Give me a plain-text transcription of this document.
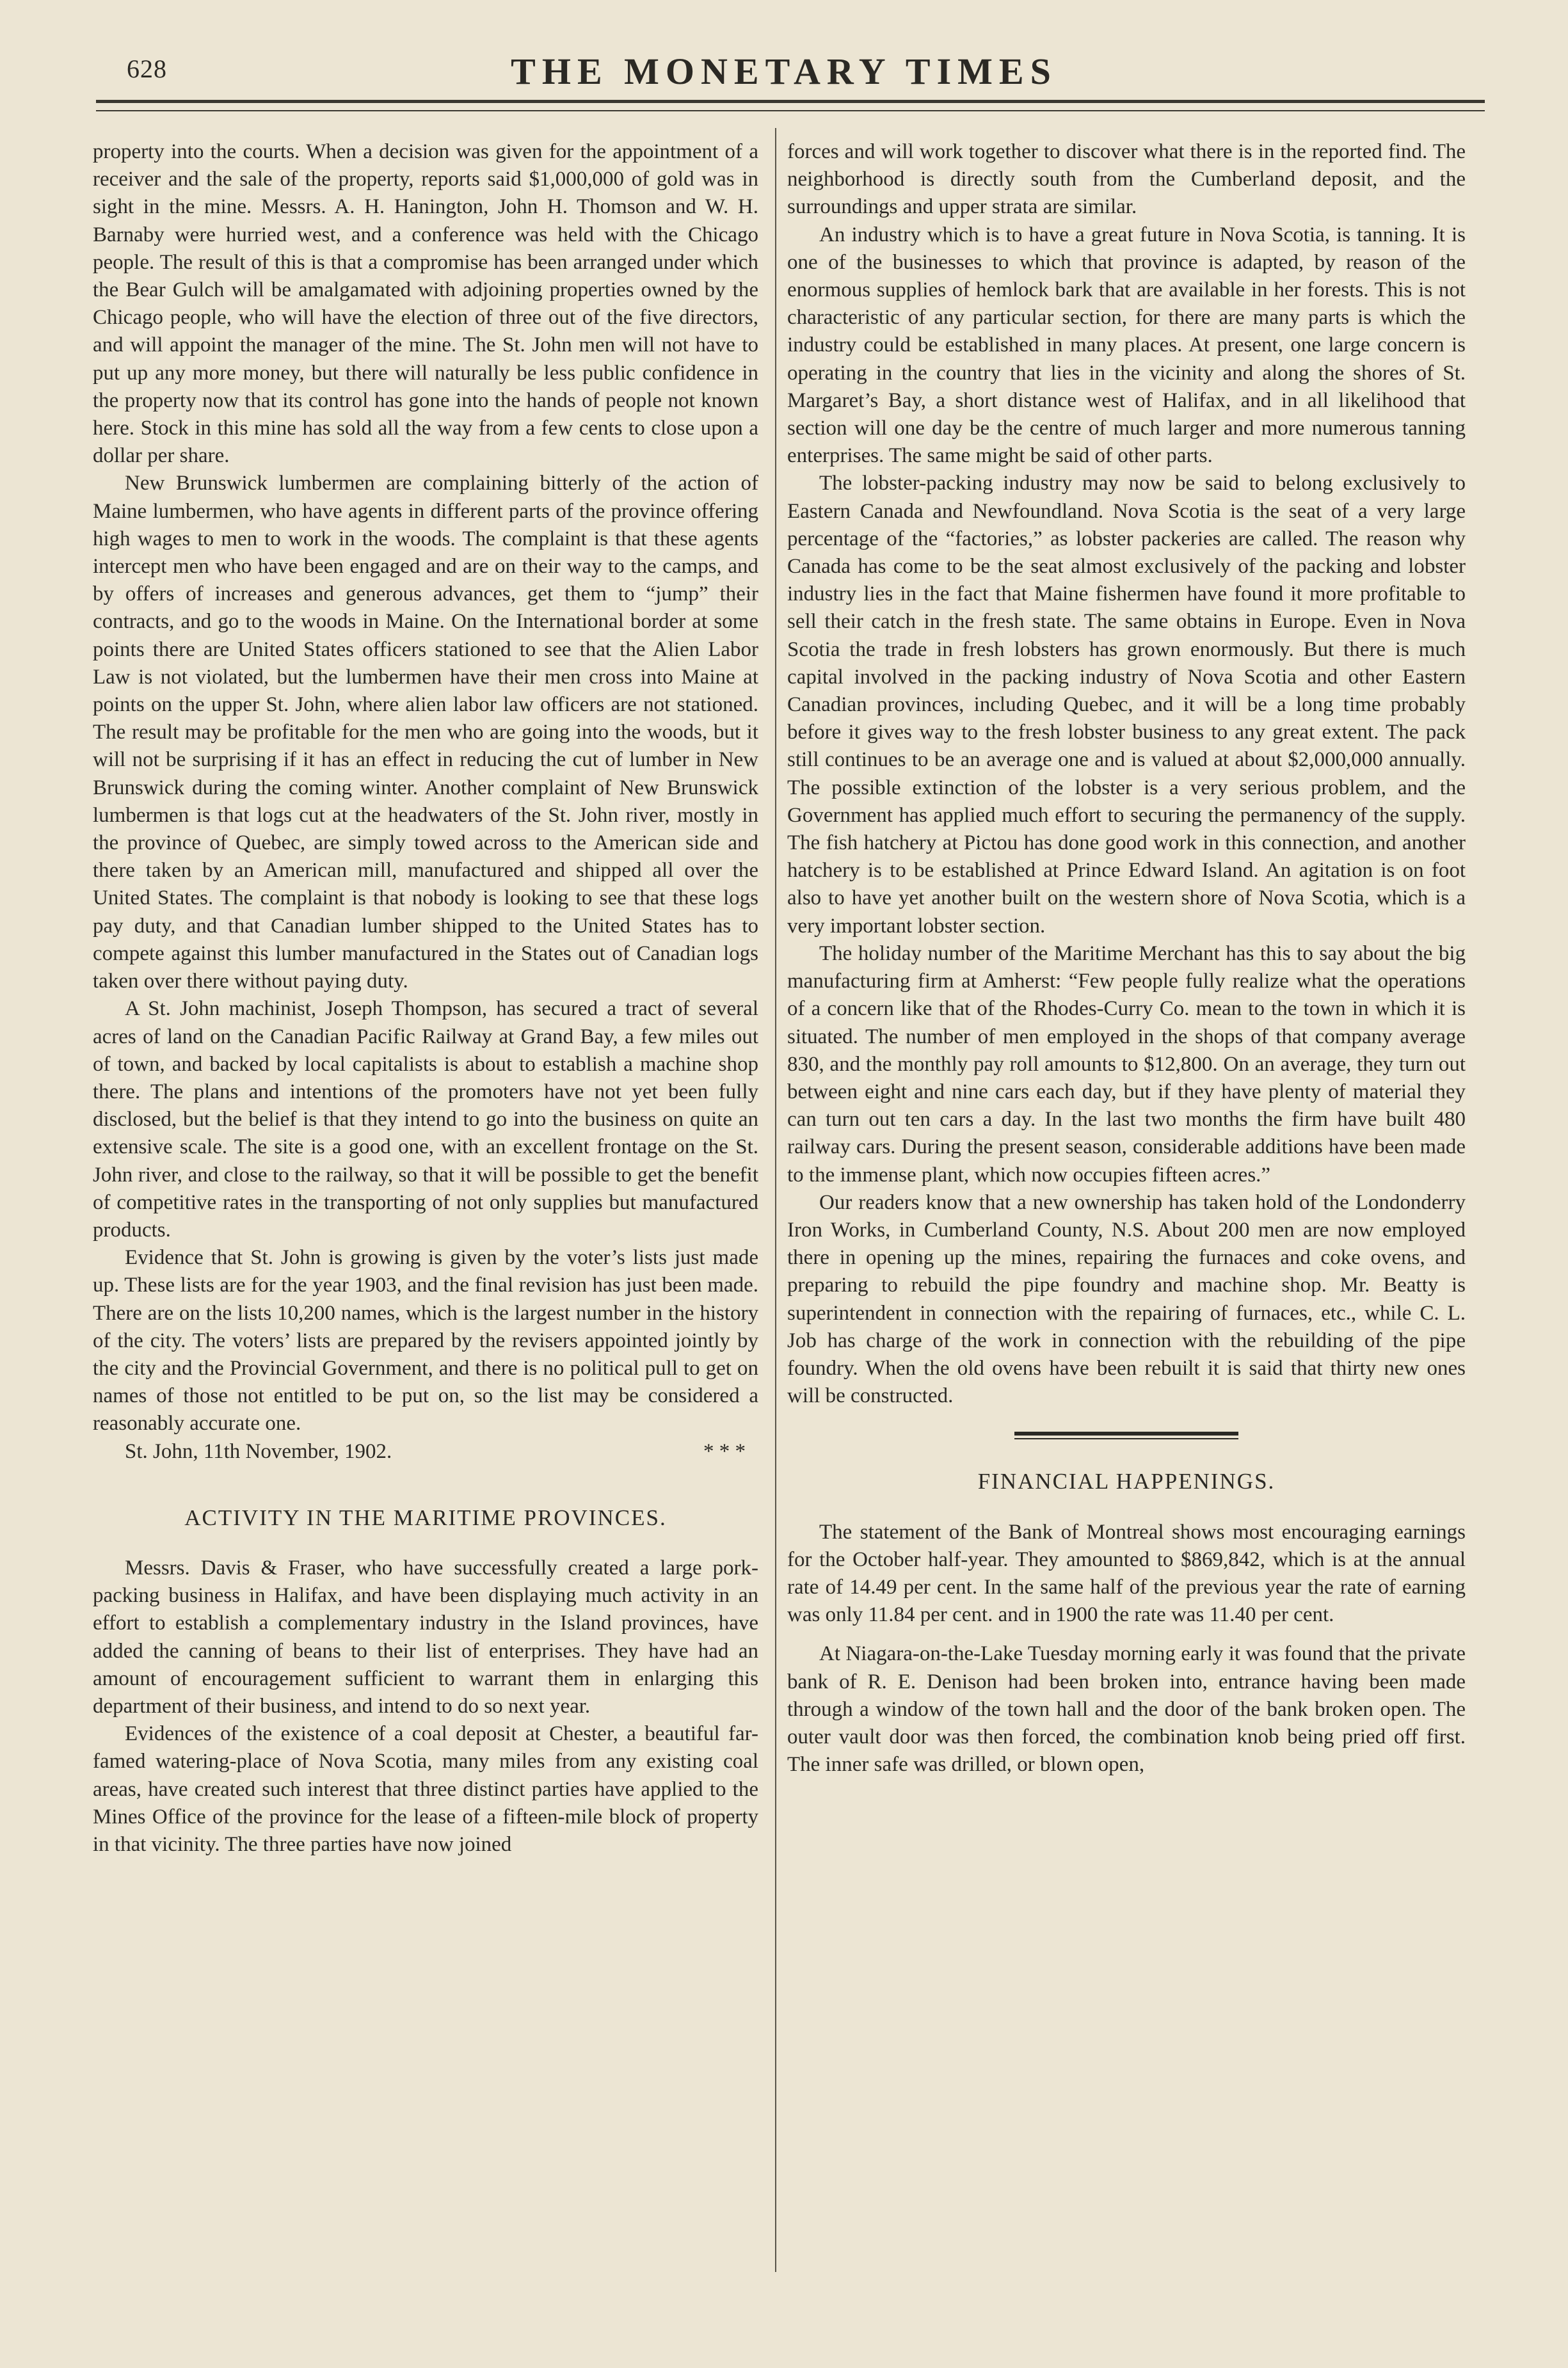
628	THE MONETARY TIMES

property into the courts. When a decision was given for the appointment of a receiver and the sale of the property, reports said $1,000,000 of gold was in sight in the mine. Messrs. A. H. Hanington, John H. Thomson and W. H. Barnaby were hurried west, and a conference was held with the Chicago people. The result of this is that a compromise has been arranged under which the Bear Gulch will be amalgamated with adjoining properties owned by the Chicago people, who will have the election of three out of the five directors, and will appoint the manager of the mine. The St. John men will not have to put up any more money, but there will naturally be less public confidence in the property now that its control has gone into the hands of people not known here. Stock in this mine has sold all the way from a few cents to close upon a dollar per share.

New Brunswick lumbermen are complaining bitterly of the action of Maine lumbermen, who have agents in different parts of the province offering high wages to men to work in the woods. The complaint is that these agents intercept men who have been engaged and are on their way to the camps, and by offers of increases and generous advances, get them to “jump” their contracts, and go to the woods in Maine. On the International border at some points there are United States officers stationed to see that the Alien Labor Law is not violated, but the lumbermen have their men cross into Maine at points on the upper St. John, where alien labor law officers are not stationed. The result may be profitable for the men who are going into the woods, but it will not be surprising if it has an effect in reducing the cut of lumber in New Brunswick during the coming winter. Another complaint of New Brunswick lumbermen is that logs cut at the headwaters of the St. John river, mostly in the province of Quebec, are simply towed across to the American side and there taken by an American mill, manufactured and shipped all over the United States. The complaint is that nobody is looking to see that these logs pay duty, and that Canadian lumber shipped to the United States has to compete against this lumber manufactured in the States out of Canadian logs taken over there without paying duty.

A St. John machinist, Joseph Thompson, has secured a tract of several acres of land on the Canadian Pacific Railway at Grand Bay, a few miles out of town, and backed by local capitalists is about to establish a machine shop there. The plans and intentions of the promoters have not yet been fully disclosed, but the belief is that they intend to go into the business on quite an extensive scale. The site is a good one, with an excellent frontage on the St. John river, and close to the railway, so that it will be possible to get the benefit of competitive rates in the transporting of not only supplies but manufactured products.

Evidence that St. John is growing is given by the voter’s lists just made up. These lists are for the year 1903, and the final revision has just been made. There are on the lists 10,200 names, which is the largest number in the history of the city. The voters’ lists are prepared by the revisers appointed jointly by the city and the Provincial Government, and there is no political pull to get on names of those not entitled to be put on, so the list may be considered a reasonably accurate one.

St. John, 11th November, 1902.	* * *
ACTIVITY IN THE MARITIME PROVINCES.

Messrs. Davis & Fraser, who have successfully created a large pork-packing business in Halifax, and have been displaying much activity in an effort to establish a complementary industry in the Island provinces, have added the canning of beans to their list of enterprises. They have had an amount of encouragement sufficient to warrant them in enlarging this department of their business, and intend to do so next year.

Evidences of the existence of a coal deposit at Chester, a beautiful far-famed watering-place of Nova Scotia, many miles from any existing coal areas, have created such interest that three distinct parties have applied to the Mines Office of the province for the lease of a fifteen-mile block of property in that vicinity. The three parties have now joined

forces and will work together to discover what there is in the reported find. The neighborhood is directly south from the Cumberland deposit, and the surroundings and upper strata are similar.

An industry which is to have a great future in Nova Scotia, is tanning. It is one of the businesses to which that province is adapted, by reason of the enormous supplies of hemlock bark that are available in her forests. This is not characteristic of any particular section, for there are many parts is which the industry could be established in many places. At present, one large concern is operating in the country that lies in the vicinity and along the shores of St. Margaret’s Bay, a short distance west of Halifax, and in all likelihood that section will one day be the centre of much larger and more numerous tanning enterprises. The same might be said of other parts.

The lobster-packing industry may now be said to belong exclusively to Eastern Canada and Newfoundland. Nova Scotia is the seat of a very large percentage of the “factories,” as lobster packeries are called. The reason why Canada has come to be the seat almost exclusively of the packing and lobster industry lies in the fact that Maine fishermen have found it more profitable to sell their catch in the fresh state. The same obtains in Europe. Even in Nova Scotia the trade in fresh lobsters has grown enormously. But there is much capital involved in the packing industry of Nova Scotia and other Eastern Canadian provinces, including Quebec, and it will be a long time probably before it gives way to the fresh lobster business to any great extent. The pack still continues to be an average one and is valued at about $2,000,000 annually. The possible extinction of the lobster is a very serious problem, and the Government has applied much effort to securing the permanency of the supply. The fish hatchery at Pictou has done good work in this connection, and another hatchery is to be established at Prince Edward Island. An agitation is on foot also to have yet another built on the western shore of Nova Scotia, which is a very important lobster section.

The holiday number of the Maritime Merchant has this to say about the big manufacturing firm at Amherst: “Few people fully realize what the operations of a concern like that of the Rhodes-Curry Co. mean to the town in which it is situated. The number of men employed in the shops of that company average 830, and the monthly pay roll amounts to $12,800. On an average, they turn out between eight and nine cars each day, but if they have plenty of material they can turn out ten cars a day. In the last two months the firm have built 480 railway cars. During the present season, considerable additions have been made to the immense plant, which now occupies fifteen acres.”

Our readers know that a new ownership has taken hold of the Londonderry Iron Works, in Cumberland County, N.S. About 200 men are now employed there in opening up the mines, repairing the furnaces and coke ovens, and preparing to rebuild the pipe foundry and machine shop. Mr. Beatty is superintendent in connection with the repairing of furnaces, etc., while C. L. Job has charge of the work in connection with the rebuilding of the pipe foundry. When the old ovens have been rebuilt it is said that thirty new ones will be constructed.

FINANCIAL HAPPENINGS.

The statement of the Bank of Montreal shows most encouraging earnings for the October half-year. They amounted to $869,842, which is at the annual rate of 14.49 per cent. In the same half of the previous year the rate of earning was only 11.84 per cent. and in 1900 the rate was 11.40 per cent.

At Niagara-on-the-Lake Tuesday morning early it was found that the private bank of R. E. Denison had been broken into, entrance having been made through a window of the town hall and the door of the bank broken open. The outer vault door was then forced, the combination knob being pried off first. The inner safe was drilled, or blown open,
